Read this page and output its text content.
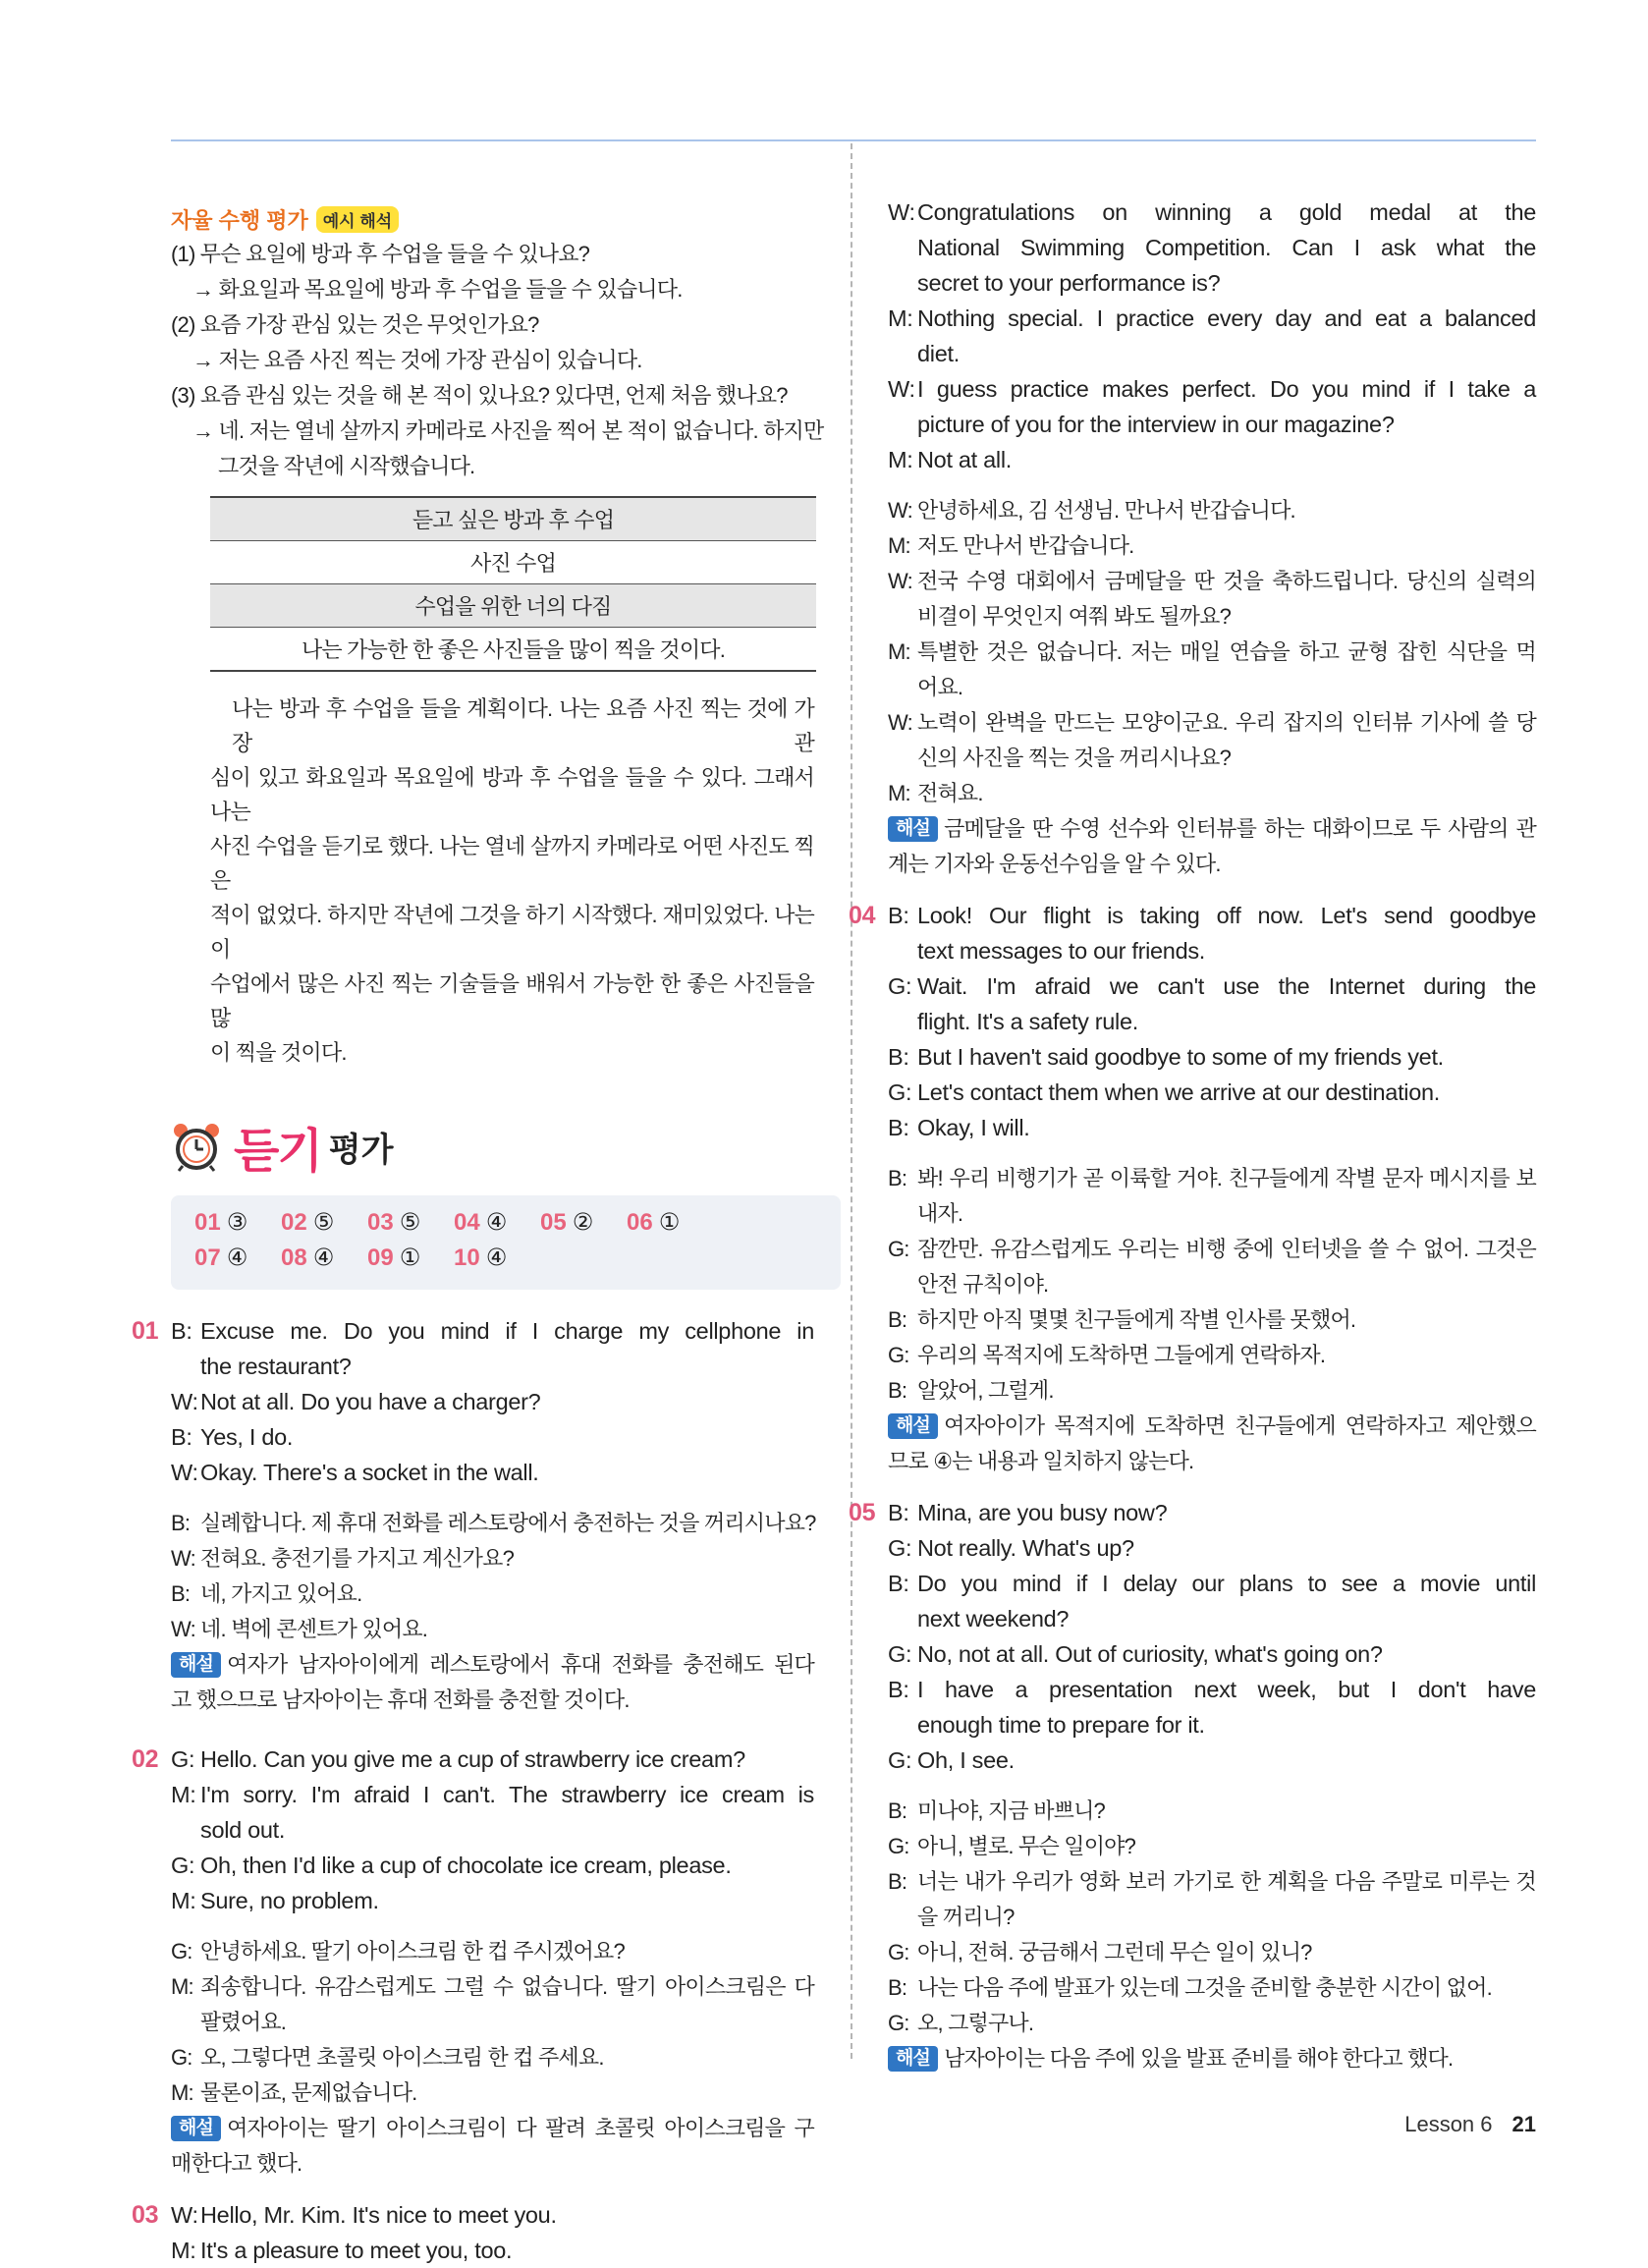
자율 수행 평가 예시 해석
(1) 무슨 요일에 방과 후 수업을 들을 수 있나요?
→ 화요일과 목요일에 방과 후 수업을 들을 수 있습니다.
(2) 요즘 가장 관심 있는 것은 무엇인가요?
→ 저는 요즘 사진 찍는 것에 가장 관심이 있습니다.
(3) 요즘 관심 있는 것을 해 본 적이 있나요? 있다면, 언제 처음 했나요?
→ 네. 저는 열네 살까지 카메라로 사진을 찍어 본 적이 없습니다. 하지만
그것을 작년에 시작했습니다.
듣고 싶은 방과 후 수업
사진 수업
수업을 위한 너의 다짐
나는 가능한 한 좋은 사진들을 많이 찍을 것이다.
나는 방과 후 수업을 들을 계획이다. 나는 요즘 사진 찍는 것에 가장 관
심이 있고 화요일과 목요일에 방과 후 수업을 들을 수 있다. 그래서 나는
사진 수업을 듣기로 했다. 나는 열네 살까지 카메라로 어떤 사진도 찍은
적이 없었다. 하지만 작년에 그것을 하기 시작했다. 재미있었다. 나는 이
수업에서 많은 사진 찍는 기술들을 배워서 가능한 한 좋은 사진들을 많
이 찍을 것이다.
듣기 평가
01 ③ 02 ⑤ 03 ⑤ 04 ④ 05 ② 06 ①
07 ④ 08 ④ 09 ① 10 ④
01 B: Excuse me. Do you mind if I charge my cellphone in
the restaurant?
W: Not at all. Do you have a charger?
B: Yes, I do.
W: Okay. There's a socket in the wall.
B: 실례합니다. 제 휴대 전화를 레스토랑에서 충전하는 것을 꺼리시나요?
W: 전혀요. 충전기를 가지고 계신가요?
B: 네, 가지고 있어요.
W: 네. 벽에 콘센트가 있어요.
해설 여자가 남자아이에게 레스토랑에서 휴대 전화를 충전해도 된다
고 했으므로 남자아이는 휴대 전화를 충전할 것이다.
02 G: Hello. Can you give me a cup of strawberry ice cream?
M: I'm sorry. I'm afraid I can't. The strawberry ice cream is
sold out.
G: Oh, then I'd like a cup of chocolate ice cream, please.
M: Sure, no problem.
G: 안녕하세요. 딸기 아이스크림 한 컵 주시겠어요?
M: 죄송합니다. 유감스럽게도 그럴 수 없습니다. 딸기 아이스크림은 다
팔렸어요.
G: 오, 그렇다면 초콜릿 아이스크림 한 컵 주세요.
M: 물론이죠, 문제없습니다.
해설 여자아이는 딸기 아이스크림이 다 팔려 초콜릿 아이스크림을 구
매한다고 했다.
03 W: Hello, Mr. Kim. It's nice to meet you.
M: It's a pleasure to meet you, too.
W: Congratulations on winning a gold medal at the
National Swimming Competition. Can I ask what the
secret to your performance is?
M: Nothing special. I practice every day and eat a balanced
diet.
W: I guess practice makes perfect. Do you mind if I take a
picture of you for the interview in our magazine?
M: Not at all.
W: 안녕하세요, 김 선생님. 만나서 반갑습니다.
M: 저도 만나서 반갑습니다.
W: 전국 수영 대회에서 금메달을 딴 것을 축하드립니다. 당신의 실력의
비결이 무엇인지 여쭤 봐도 될까요?
M: 특별한 것은 없습니다. 저는 매일 연습을 하고 균형 잡힌 식단을 먹
어요.
W: 노력이 완벽을 만드는 모양이군요. 우리 잡지의 인터뷰 기사에 쓸 당
신의 사진을 찍는 것을 꺼리시나요?
M: 전혀요.
해설 금메달을 딴 수영 선수와 인터뷰를 하는 대화이므로 두 사람의 관
계는 기자와 운동선수임을 알 수 있다.
04 B: Look! Our flight is taking off now. Let's send goodbye
text messages to our friends.
G: Wait. I'm afraid we can't use the Internet during the
flight. It's a safety rule.
B: But I haven't said goodbye to some of my friends yet.
G: Let's contact them when we arrive at our destination.
B: Okay, I will.
B: 봐! 우리 비행기가 곧 이륙할 거야. 친구들에게 작별 문자 메시지를 보
내자.
G: 잠깐만. 유감스럽게도 우리는 비행 중에 인터넷을 쓸 수 없어. 그것은
안전 규칙이야.
B: 하지만 아직 몇몇 친구들에게 작별 인사를 못했어.
G: 우리의 목적지에 도착하면 그들에게 연락하자.
B: 알았어, 그럴게.
해설 여자아이가 목적지에 도착하면 친구들에게 연락하자고 제안했으
므로 ④는 내용과 일치하지 않는다.
05 B: Mina, are you busy now?
G: Not really. What's up?
B: Do you mind if I delay our plans to see a movie until
next weekend?
G: No, not at all. Out of curiosity, what's going on?
B: I have a presentation next week, but I don't have
enough time to prepare for it.
G: Oh, I see.
B: 미나야, 지금 바쁘니?
G: 아니, 별로. 무슨 일이야?
B: 너는 내가 우리가 영화 보러 가기로 한 계획을 다음 주말로 미루는 것
을 꺼리니?
G: 아니, 전혀. 궁금해서 그런데 무슨 일이 있니?
B: 나는 다음 주에 발표가 있는데 그것을 준비할 충분한 시간이 없어.
G: 오, 그렇구나.
해설 남자아이는 다음 주에 있을 발표 준비를 해야 한다고 했다.
Lesson 6 21
